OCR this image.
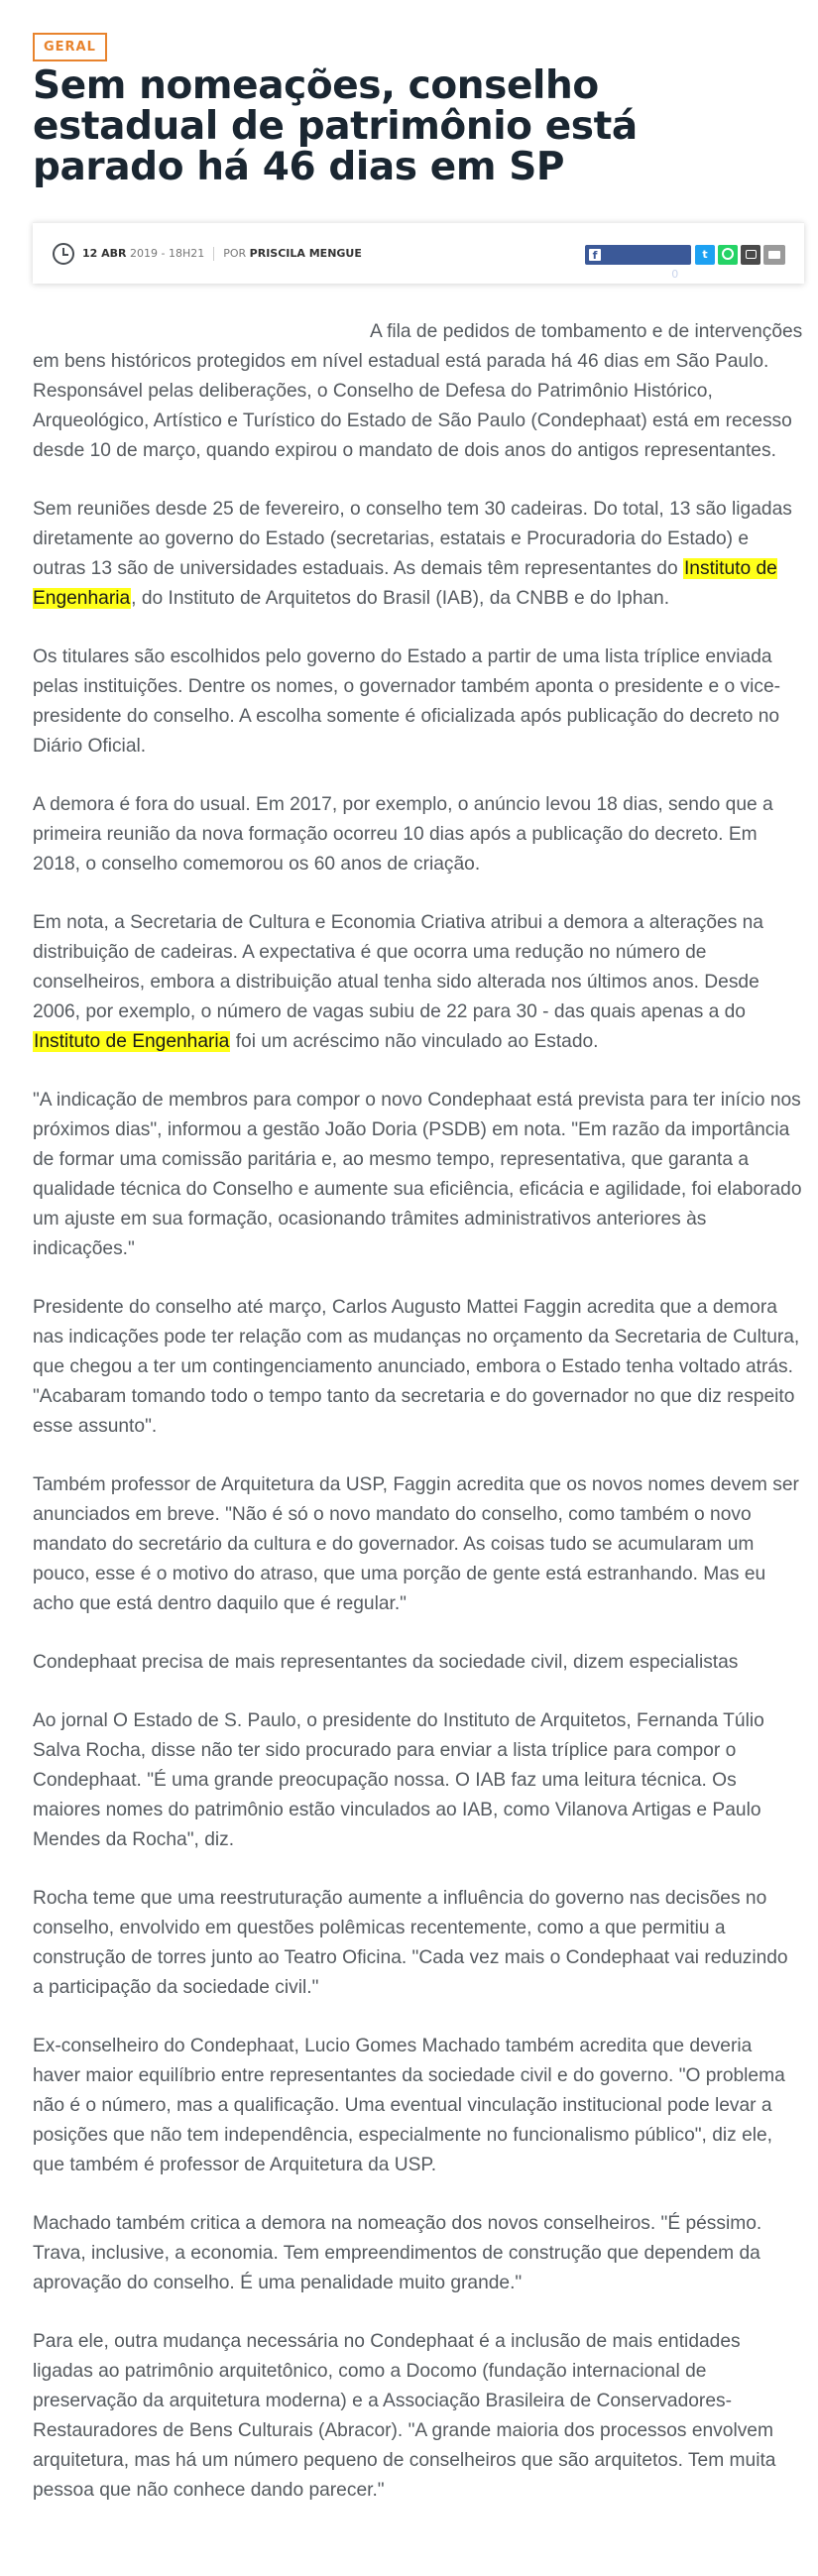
GERAL
Sem nomeações, conselho estadual de patrimônio está parado há 46 dias em SP
12 ABR 2019 - 18H21 POR PRISCILA MENGUE	fCompartilhar 0
t

A fila de pedidos de tombamento e de intervenções em bens históricos protegidos em nível estadual está parada há 46 dias em São Paulo. Responsável pelas deliberações, o Conselho de Defesa do Patrimônio Histórico, Arqueológico, Artístico e Turístico do Estado de São Paulo (Condephaat) está em recesso desde 10 de março, quando expirou o mandato de dois anos do antigos representantes.

Sem reuniões desde 25 de fevereiro, o conselho tem 30 cadeiras. Do total, 13 são ligadas diretamente ao governo do Estado (secretarias, estatais e Procuradoria do Estado) e outras 13 são de universidades estaduais. As demais têm representantes do Instituto de Engenharia, do Instituto de Arquitetos do Brasil (IAB), da CNBB e do Iphan.

Os titulares são escolhidos pelo governo do Estado a partir de uma lista tríplice enviada pelas instituições. Dentre os nomes, o governador também aponta o presidente e o vice-presidente do conselho. A escolha somente é oficializada após publicação do decreto no Diário Oficial.

A demora é fora do usual. Em 2017, por exemplo, o anúncio levou 18 dias, sendo que a primeira reunião da nova formação ocorreu 10 dias após a publicação do decreto. Em 2018, o conselho comemorou os 60 anos de criação.

Em nota, a Secretaria de Cultura e Economia Criativa atribui a demora a alterações na distribuição de cadeiras. A expectativa é que ocorra uma redução no número de conselheiros, embora a distribuição atual tenha sido alterada nos últimos anos. Desde 2006, por exemplo, o número de vagas subiu de 22 para 30 - das quais apenas a do Instituto de Engenharia foi um acréscimo não vinculado ao Estado.

"A indicação de membros para compor o novo Condephaat está prevista para ter início nos próximos dias", informou a gestão João Doria (PSDB) em nota. "Em razão da importância de formar uma comissão paritária e, ao mesmo tempo, representativa, que garanta a qualidade técnica do Conselho e aumente sua eficiência, eficácia e agilidade, foi elaborado um ajuste em sua formação, ocasionando trâmites administrativos anteriores às indicações."

Presidente do conselho até março, Carlos Augusto Mattei Faggin acredita que a demora nas indicações pode ter relação com as mudanças no orçamento da Secretaria de Cultura, que chegou a ter um contingenciamento anunciado, embora o Estado tenha voltado atrás. "Acabaram tomando todo o tempo tanto da secretaria e do governador no que diz respeito esse assunto".

Também professor de Arquitetura da USP, Faggin acredita que os novos nomes devem ser anunciados em breve. "Não é só o novo mandato do conselho, como também o novo mandato do secretário da cultura e do governador. As coisas tudo se acumularam um pouco, esse é o motivo do atraso, que uma porção de gente está estranhando. Mas eu acho que está dentro daquilo que é regular."

Condephaat precisa de mais representantes da sociedade civil, dizem especialistas

Ao jornal O Estado de S. Paulo, o presidente do Instituto de Arquitetos, Fernanda Túlio Salva Rocha, disse não ter sido procurado para enviar a lista tríplice para compor o Condephaat. "É uma grande preocupação nossa. O IAB faz uma leitura técnica. Os maiores nomes do patrimônio estão vinculados ao IAB, como Vilanova Artigas e Paulo Mendes da Rocha", diz.

Rocha teme que uma reestruturação aumente a influência do governo nas decisões no conselho, envolvido em questões polêmicas recentemente, como a que permitiu a construção de torres junto ao Teatro Oficina. "Cada vez mais o Condephaat vai reduzindo a participação da sociedade civil."

Ex-conselheiro do Condephaat, Lucio Gomes Machado também acredita que deveria haver maior equilíbrio entre representantes da sociedade civil e do governo. "O problema não é o número, mas a qualificação. Uma eventual vinculação institucional pode levar a posições que não tem independência, especialmente no funcionalismo público", diz ele, que também é professor de Arquitetura da USP.

Machado também critica a demora na nomeação dos novos conselheiros. "É péssimo. Trava, inclusive, a economia. Tem empreendimentos de construção que dependem da aprovação do conselho. É uma penalidade muito grande."

Para ele, outra mudança necessária no Condephaat é a inclusão de mais entidades ligadas ao patrimônio arquitetônico, como a Docomo (fundação internacional de preservação da arquitetura moderna) e a Associação Brasileira de Conservadores-Restauradores de Bens Culturais (Abracor). "A grande maioria dos processos envolvem arquitetura, mas há um número pequeno de conselheiros que são arquitetos. Tem muita pessoa que não conhece dando parecer."
